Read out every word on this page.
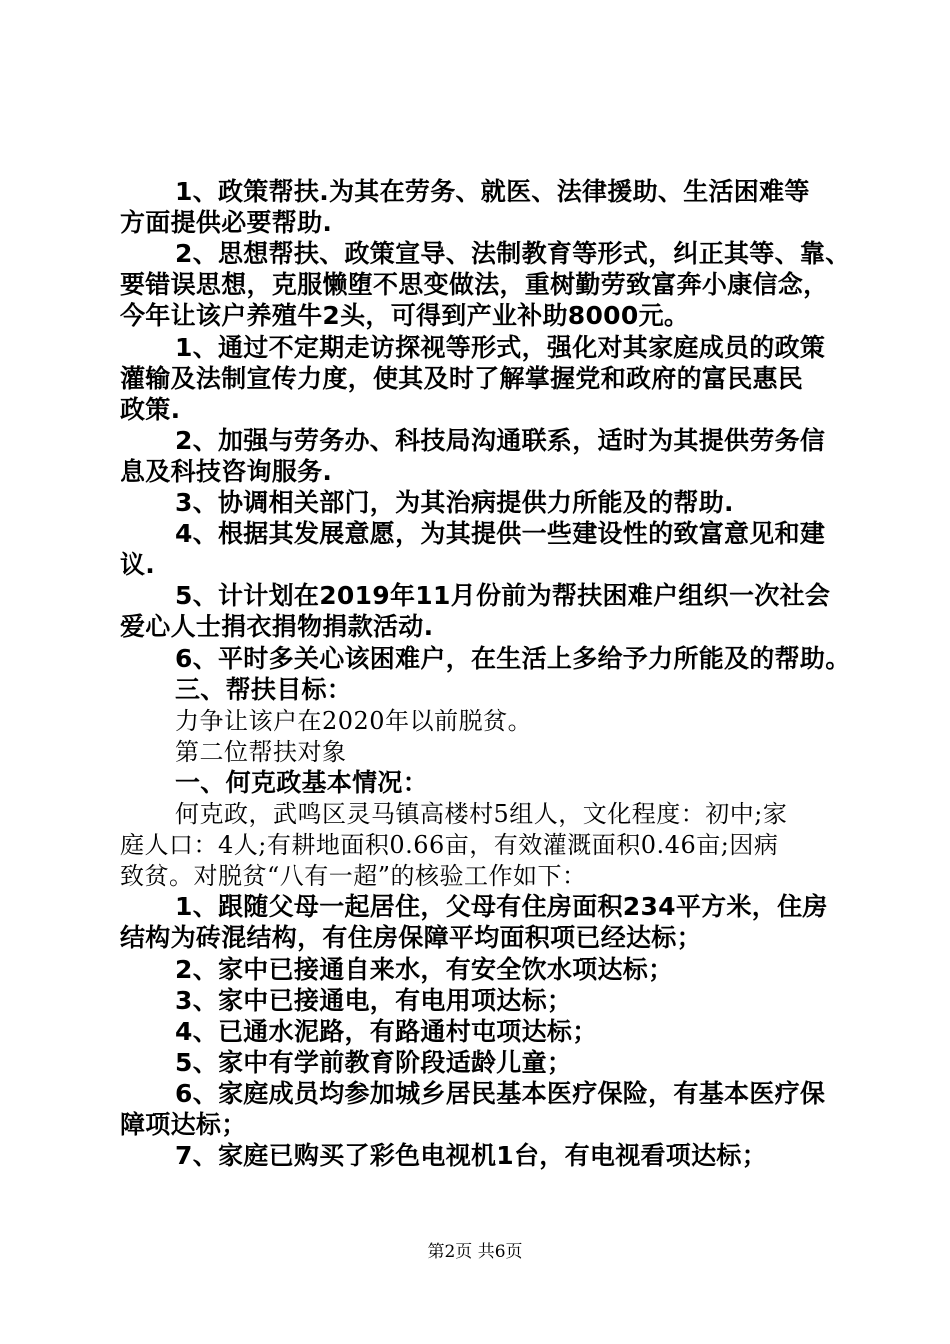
1、政策帮扶.为其在劳务、就医、法律援助、生活困难等
方面提供必要帮助.
2、思想帮扶、政策宣导、法制教育等形式，纠正其等、靠、
要错误思想，克服懒堕不思变做法，重树勤劳致富奔小康信念，
今年让该户养殖牛2头，可得到产业补助8000元。
1、通过不定期走访探视等形式，强化对其家庭成员的政策
灌输及法制宣传力度，使其及时了解掌握党和政府的富民惠民
政策.
2、加强与劳务办、科技局沟通联系，适时为其提供劳务信
息及科技咨询服务.
3、协调相关部门，为其治病提供力所能及的帮助.
4、根据其发展意愿，为其提供一些建设性的致富意见和建
议.
5、计计划在2019年11月份前为帮扶困难户组织一次社会
爱心人士捐衣捐物捐款活动.
6、平时多关心该困难户，在生活上多给予力所能及的帮助。
三、帮扶目标：
力争让该户在2020年以前脱贫。
第二位帮扶对象
一、何克政基本情况：
何克政，武鸣区灵马镇高楼村5组人，文化程度：初中;家
庭人口：4人;有耕地面积0.66亩，有效灌溉面积0.46亩;因病
致贫。对脱贫“八有一超”的核验工作如下：
1、跟随父母一起居住，父母有住房面积234平方米，住房
结构为砖混结构，有住房保障平均面积项已经达标；
2、家中已接通自来水，有安全饮水项达标；
3、家中已接通电，有电用项达标；
4、已通水泥路，有路通村屯项达标；
5、家中有学前教育阶段适龄儿童；
6、家庭成员均参加城乡居民基本医疗保险，有基本医疗保
障项达标；
7、家庭已购买了彩色电视机1台，有电视看项达标；
第2页 共6页
